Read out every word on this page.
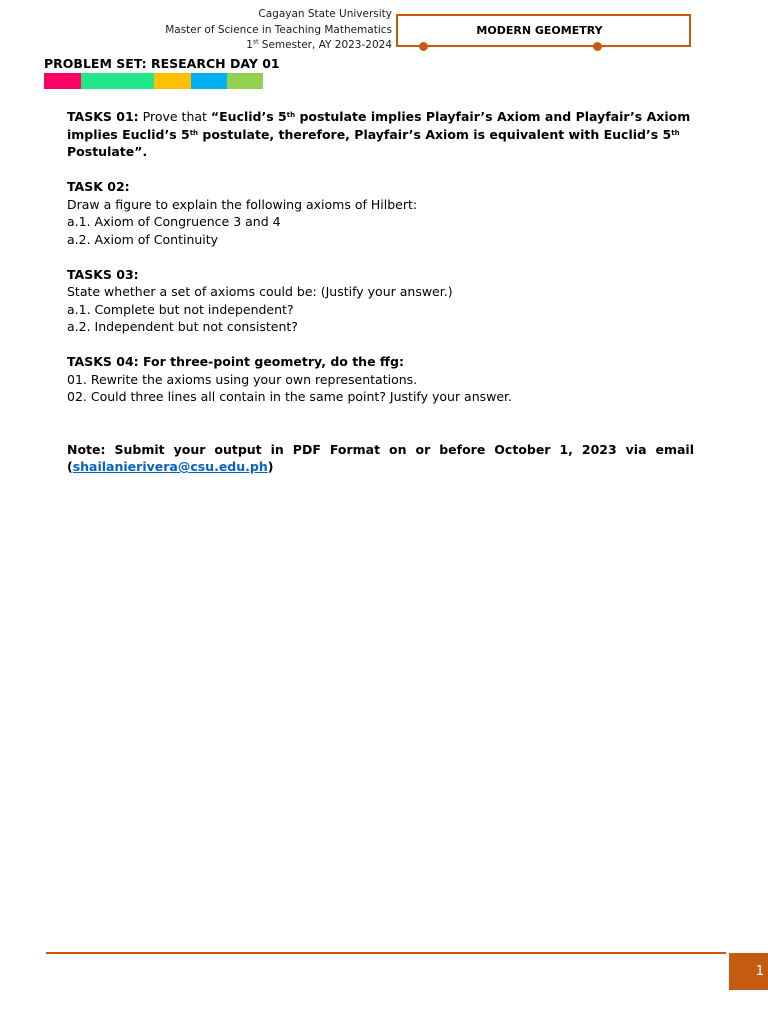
Cagayan State University
Master of Science in Teaching Mathematics
1st Semester, AY 2023-2024
MODERN GEOMETRY
PROBLEM SET: RESEARCH DAY 01

TASKS 01: Prove that “Euclid’s 5th postulate implies Playfair’s Axiom and Playfair’s Axiom implies Euclid’s 5th postulate, therefore, Playfair’s Axiom is equivalent with Euclid’s 5th Postulate”.

TASK 02:

Draw a figure to explain the following axioms of Hilbert:

a.1. Axiom of Congruence 3 and 4

a.2. Axiom of Continuity

TASKS 03:

State whether a set of axioms could be: (Justify your answer.)

a.1. Complete but not independent?

a.2. Independent but not consistent?

TASKS 04: For three-point geometry, do the ffg:

01. Rewrite the axioms using your own representations.

02. Could three lines all contain in the same point? Justify your answer.

Note: Submit your output in PDF Format on or before October 1, 2023 via email

(shailanierivera@csu.edu.ph)

1
